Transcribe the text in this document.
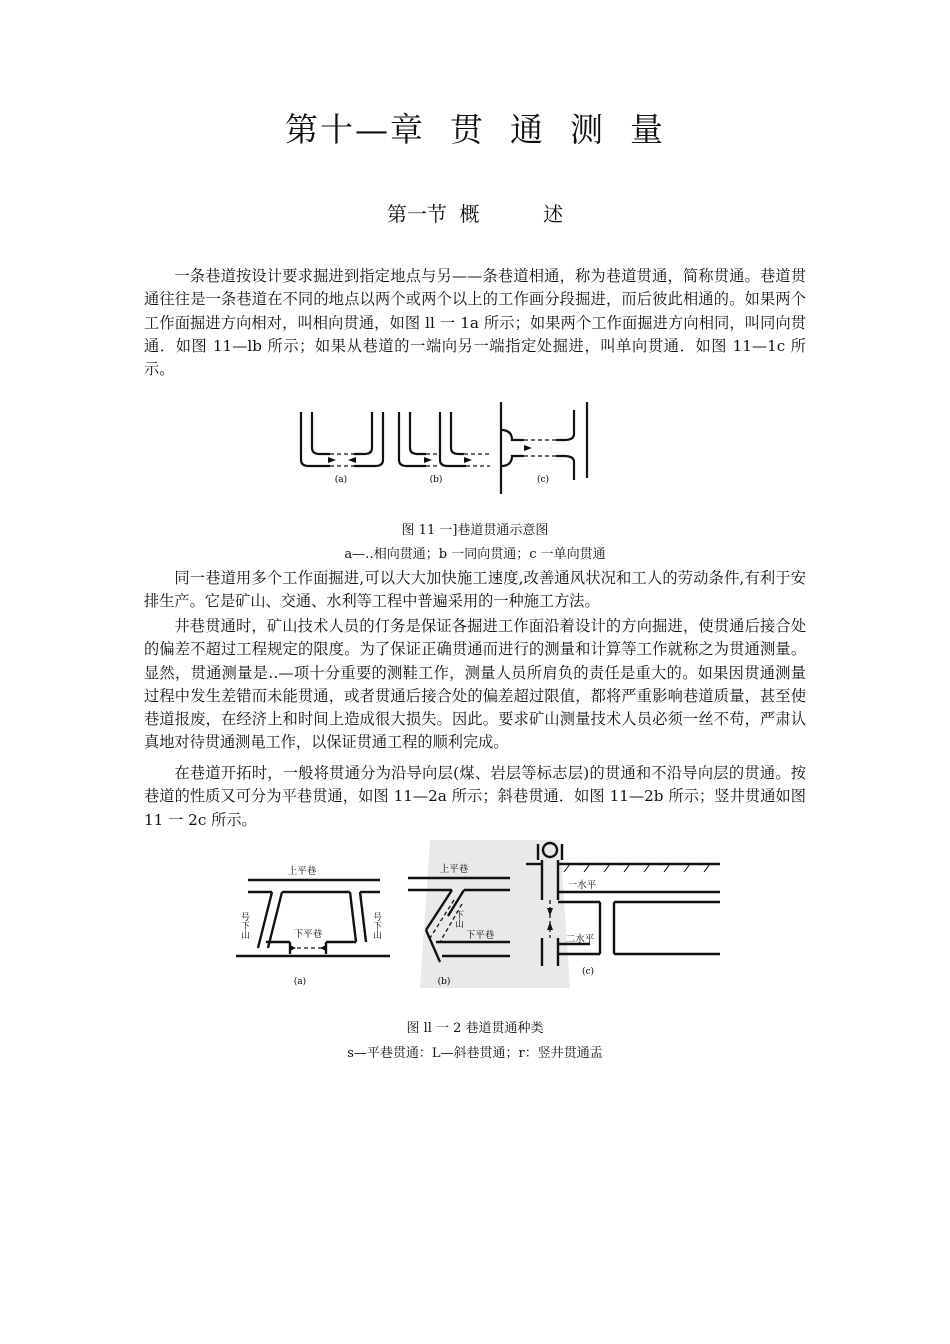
第十—章  贯  通  测  量
第一节  概          述

一条巷道按设计要求掘进到指定地点与另——条巷道相通，称为巷道贯通，简称贯通。巷道贯通往往是一条巷道在不同的地点以两个或两个以上的工作画分段掘进，而后彼此相通的。如果两个工作面掘进方向相对，叫相向贯通，如图 ll 一 1a 所示；如果两个工作面掘进方向相同，叫同向贯通．如图 11—lb 所示；如果从巷道的一端向另一端指定处掘进，叫单向贯通．如图 11—1c 所示。

(a)	(b)	(c)

图 11 一]巷道贯通示意图

a—‥相向贯通；b 一同向贯通；c 一单向贯通

同一巷道用多个工作面掘进,可以大大加快施工速度,改善通风状况和工人的劳动条件,有利于安排生产。它是矿山、交通、水利等工程中普遍采用的一种施工方法。

井巷贯通时，矿山技术人员的仃务是保证各掘进工作面沿着设计的方向掘进，使贯通后接合处的偏差不超过工程规定的限度。为了保证正确贯通而进行的测量和计算等工作就称之为贯通测量。显然，贯通测量是‥—项十分重要的测鞋工作，测量人员所肩负的责任是重大的。如果因贯通测量过程中发生差错而未能贯通，或者贯通后接合处的偏差超过限值，都将严重影响巷道质量，甚至使巷道报废，在经济上和时间上造成很大损失。因此。要求矿山测量技术人员必须一丝不苟，严肃认真地对待贯通测黾工作，以保证贯通工程的顺利完成。

在巷道开拓时，一般将贯通分为沿导向层(煤、岩层等标志层)的贯通和不沿导向层的贯通。按巷道的性质又可分为平巷贯通，如图 11—2a 所示；斜巷贯通．如图 11—2b 所示；竖井贯通如图 11 一 2c 所示。

上平巷
下平巷
号下山	号下山
(a)
上平巷
下平巷
下山
(b)
一水平
二水平
(c)

图 ll 一 2 巷道贯通种类

s—平巷贯通：L—斜巷贯通；r：竖井贯通盂
